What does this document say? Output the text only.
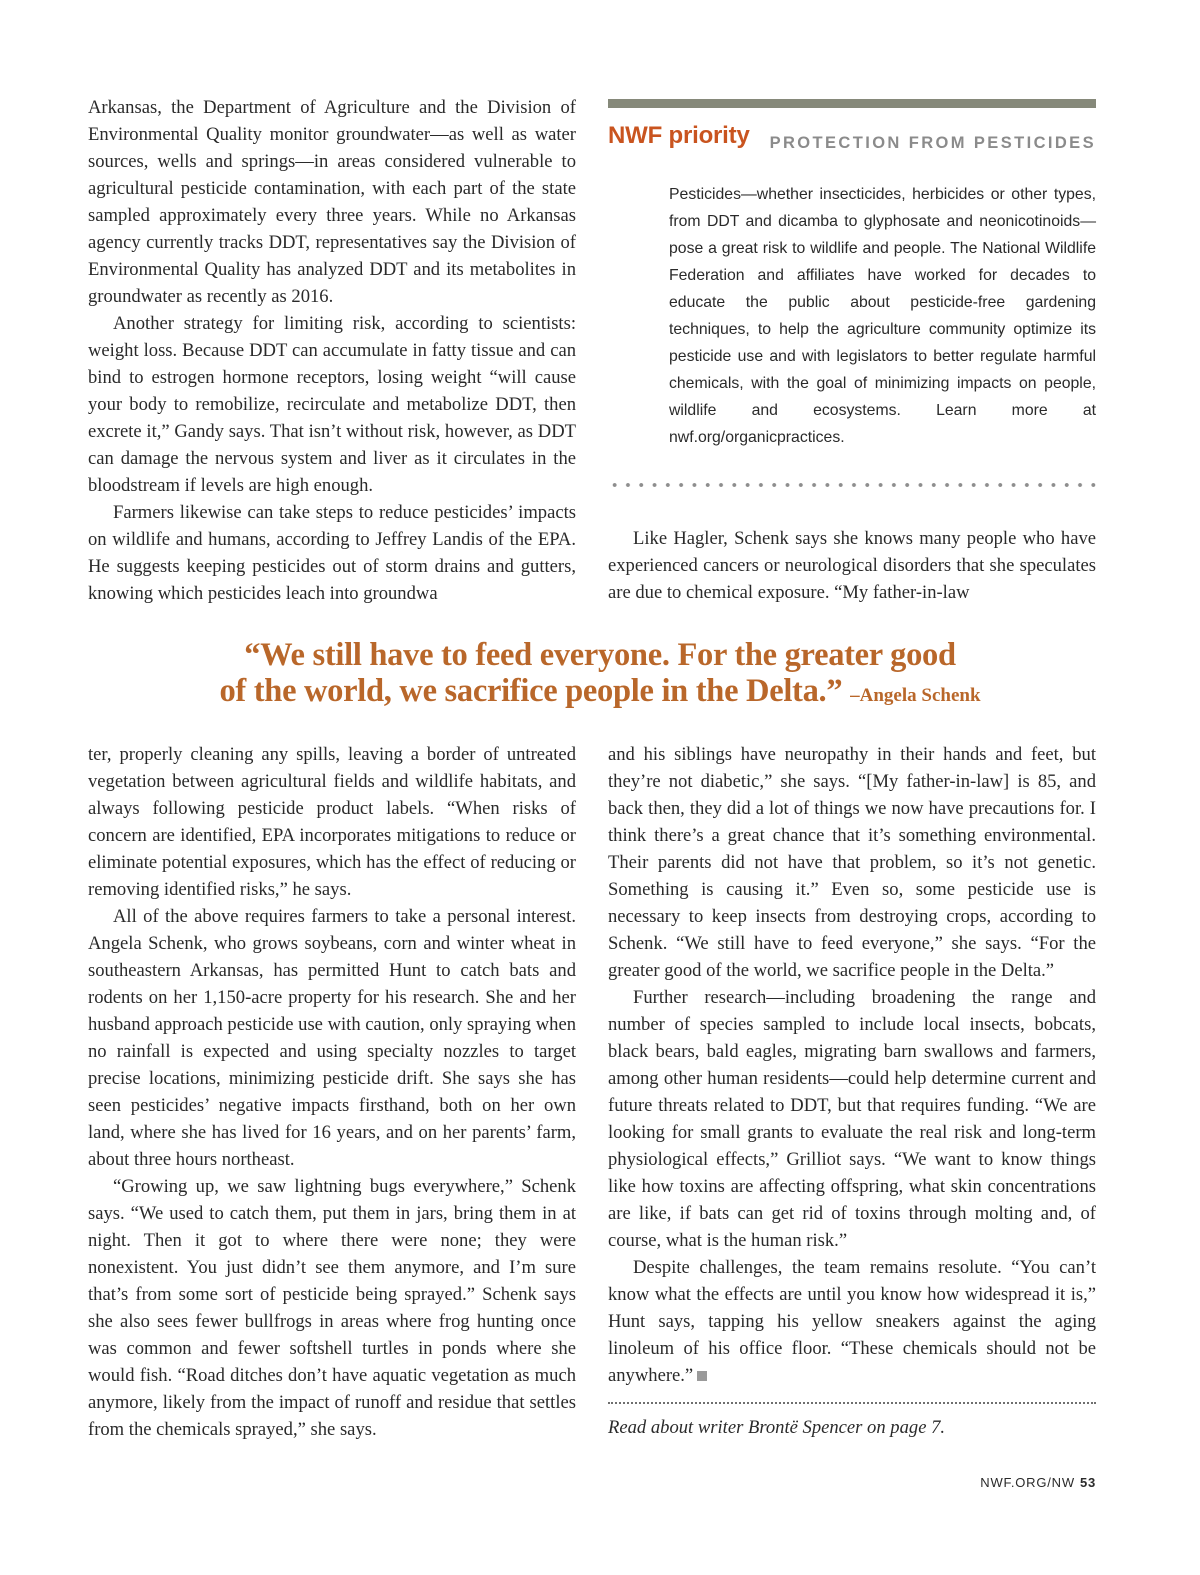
Arkansas, the Department of Agriculture and the Division of Environmental Quality monitor groundwater—as well as water sources, wells and springs—in areas considered vulnerable to agricultural pesticide contamination, with each part of the state sampled approximately every three years. While no Arkansas agency currently tracks DDT, representatives say the Division of Environmental Quality has analyzed DDT and its metabolites in groundwater as recently as 2016.

Another strategy for limiting risk, according to scientists: weight loss. Because DDT can accumulate in fatty tissue and can bind to estrogen hormone receptors, losing weight “will cause your body to remobilize, recirculate and metabolize DDT, then excrete it,” Gandy says. That isn’t without risk, however, as DDT can damage the nervous system and liver as it circulates in the bloodstream if levels are high enough.

Farmers likewise can take steps to reduce pesticides’ impacts on wildlife and humans, according to Jeffrey Landis of the EPA. He suggests keeping pesticides out of storm drains and gutters, knowing which pesticides leach into groundwa

NWF priority PROTECTION FROM PESTICIDES
Pesticides—whether insecticides, herbicides or other types, from DDT and dicamba to glyphosate and neonicotinoids—pose a great risk to wildlife and people. The National Wildlife Federation and affiliates have worked for decades to educate the public about pesticide-free gardening techniques, to help the agriculture community optimize its pesticide use and with legislators to better regulate harmful chemicals, with the goal of minimizing impacts on people, wildlife and ecosystems. Learn more at nwf.org/organicpractices.

Like Hagler, Schenk says she knows many people who have experienced cancers or neurological disorders that she speculates are due to chemical exposure. “My father-in-law

“We still have to feed everyone. For the greater good
of the world, we sacrifice people in the Delta.” –Angela Schenk

ter, properly cleaning any spills, leaving a border of untreated vegetation between agricultural fields and wildlife habitats, and always following pesticide product labels. “When risks of concern are identified, EPA incorporates mitigations to reduce or eliminate potential exposures, which has the effect of reducing or removing identified risks,” he says.

All of the above requires farmers to take a personal interest. Angela Schenk, who grows soybeans, corn and winter wheat in southeastern Arkansas, has permitted Hunt to catch bats and rodents on her 1,150-acre property for his research. She and her husband approach pesticide use with caution, only spraying when no rainfall is expected and using specialty nozzles to target precise locations, minimizing pesticide drift. She says she has seen pesticides’ negative impacts firsthand, both on her own land, where she has lived for 16 years, and on her parents’ farm, about three hours northeast.

“Growing up, we saw lightning bugs everywhere,” Schenk says. “We used to catch them, put them in jars, bring them in at night. Then it got to where there were none; they were nonexistent. You just didn’t see them anymore, and I’m sure that’s from some sort of pesticide being sprayed.” Schenk says she also sees fewer bullfrogs in areas where frog hunting once was common and fewer softshell turtles in ponds where she would fish. “Road ditches don’t have aquatic vegetation as much anymore, likely from the impact of runoff and residue that settles from the chemicals sprayed,” she says.

and his siblings have neuropathy in their hands and feet, but they’re not diabetic,” she says. “[My father-in-law] is 85, and back then, they did a lot of things we now have precautions for. I think there’s a great chance that it’s something environmental. Their parents did not have that problem, so it’s not genetic. Something is causing it.” Even so, some pesticide use is necessary to keep insects from destroying crops, according to Schenk. “We still have to feed everyone,” she says. “For the greater good of the world, we sacrifice people in the Delta.”

Further research—including broadening the range and number of species sampled to include local insects, bobcats, black bears, bald eagles, migrating barn swallows and farmers, among other human residents—could help determine current and future threats related to DDT, but that requires funding. “We are looking for small grants to evaluate the real risk and long-term physiological effects,” Grilliot says. “We want to know things like how toxins are affecting offspring, what skin concentrations are like, if bats can get rid of toxins through molting and, of course, what is the human risk.”

Despite challenges, the team remains resolute. “You can’t know what the effects are until you know how widespread it is,” Hunt says, tapping his yellow sneakers against the aging linoleum of his office floor. “These chemicals should not be anywhere.”

Read about writer Brontë Spencer on page 7.
NWF.ORG/NW 53
